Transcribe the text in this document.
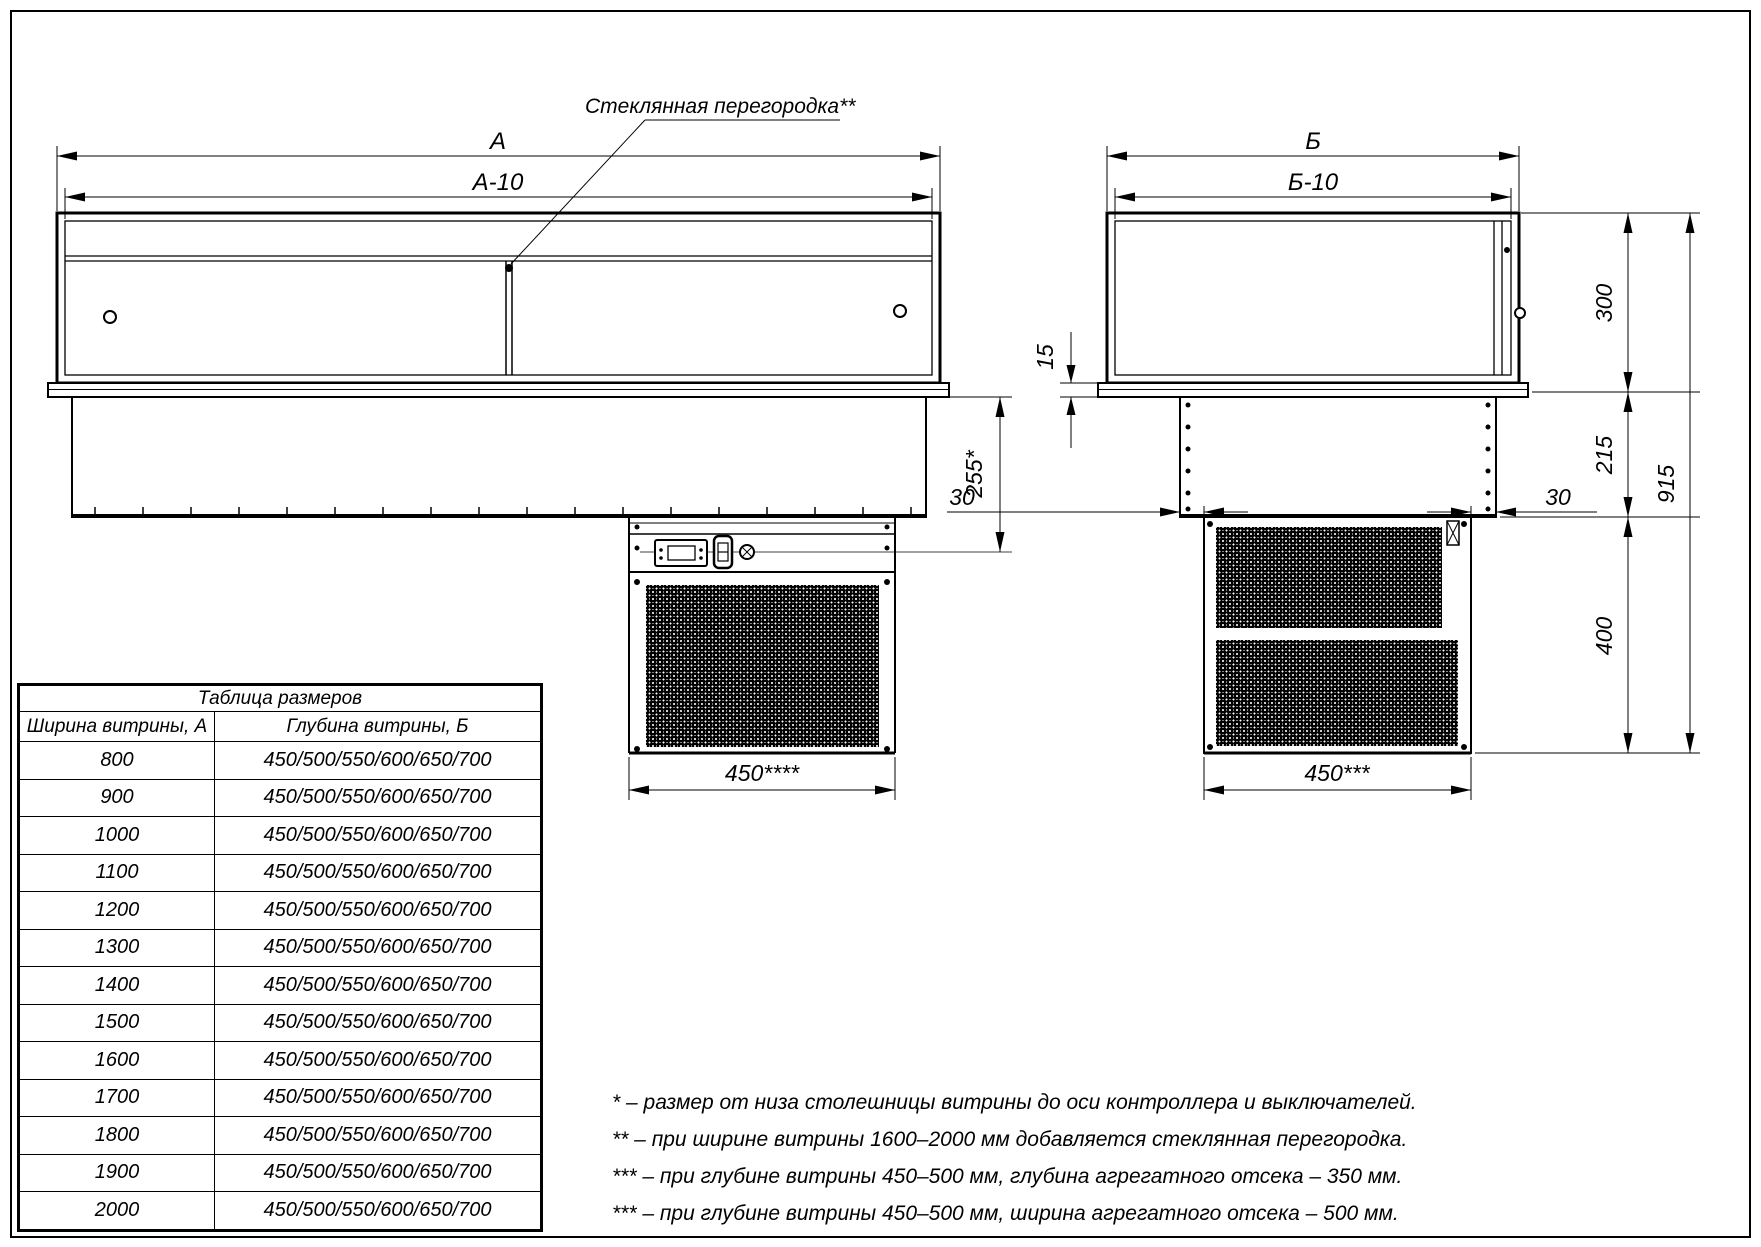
Стеклянная перегородка**
А
А-10
Б
Б-10
255*
450****	450***
300
215
400
915
15
30	30
Таблица размеров	
Ширина витрины, А	Глубина витрины, Б
800	450/500/550/600/650/700
900	450/500/550/600/650/700
1000	450/500/550/600/650/700
1100	450/500/550/600/650/700
1200	450/500/550/600/650/700
1300	450/500/550/600/650/700
1400	450/500/550/600/650/700
1500	450/500/550/600/650/700
1600	450/500/550/600/650/700
1700	450/500/550/600/650/700
1800	450/500/550/600/650/700
1900	450/500/550/600/650/700
2000	450/500/550/600/650/700
* – размер от низа столешницы витрины до оси контроллера и выключателей.
** – при ширине витрины 1600–2000 мм добавляется стеклянная перегородка.
*** – при глубине витрины 450–500 мм, глубина агрегатного отсека – 350 мм.
*** – при глубине витрины 450–500 мм, ширина агрегатного отсека – 500 мм.
